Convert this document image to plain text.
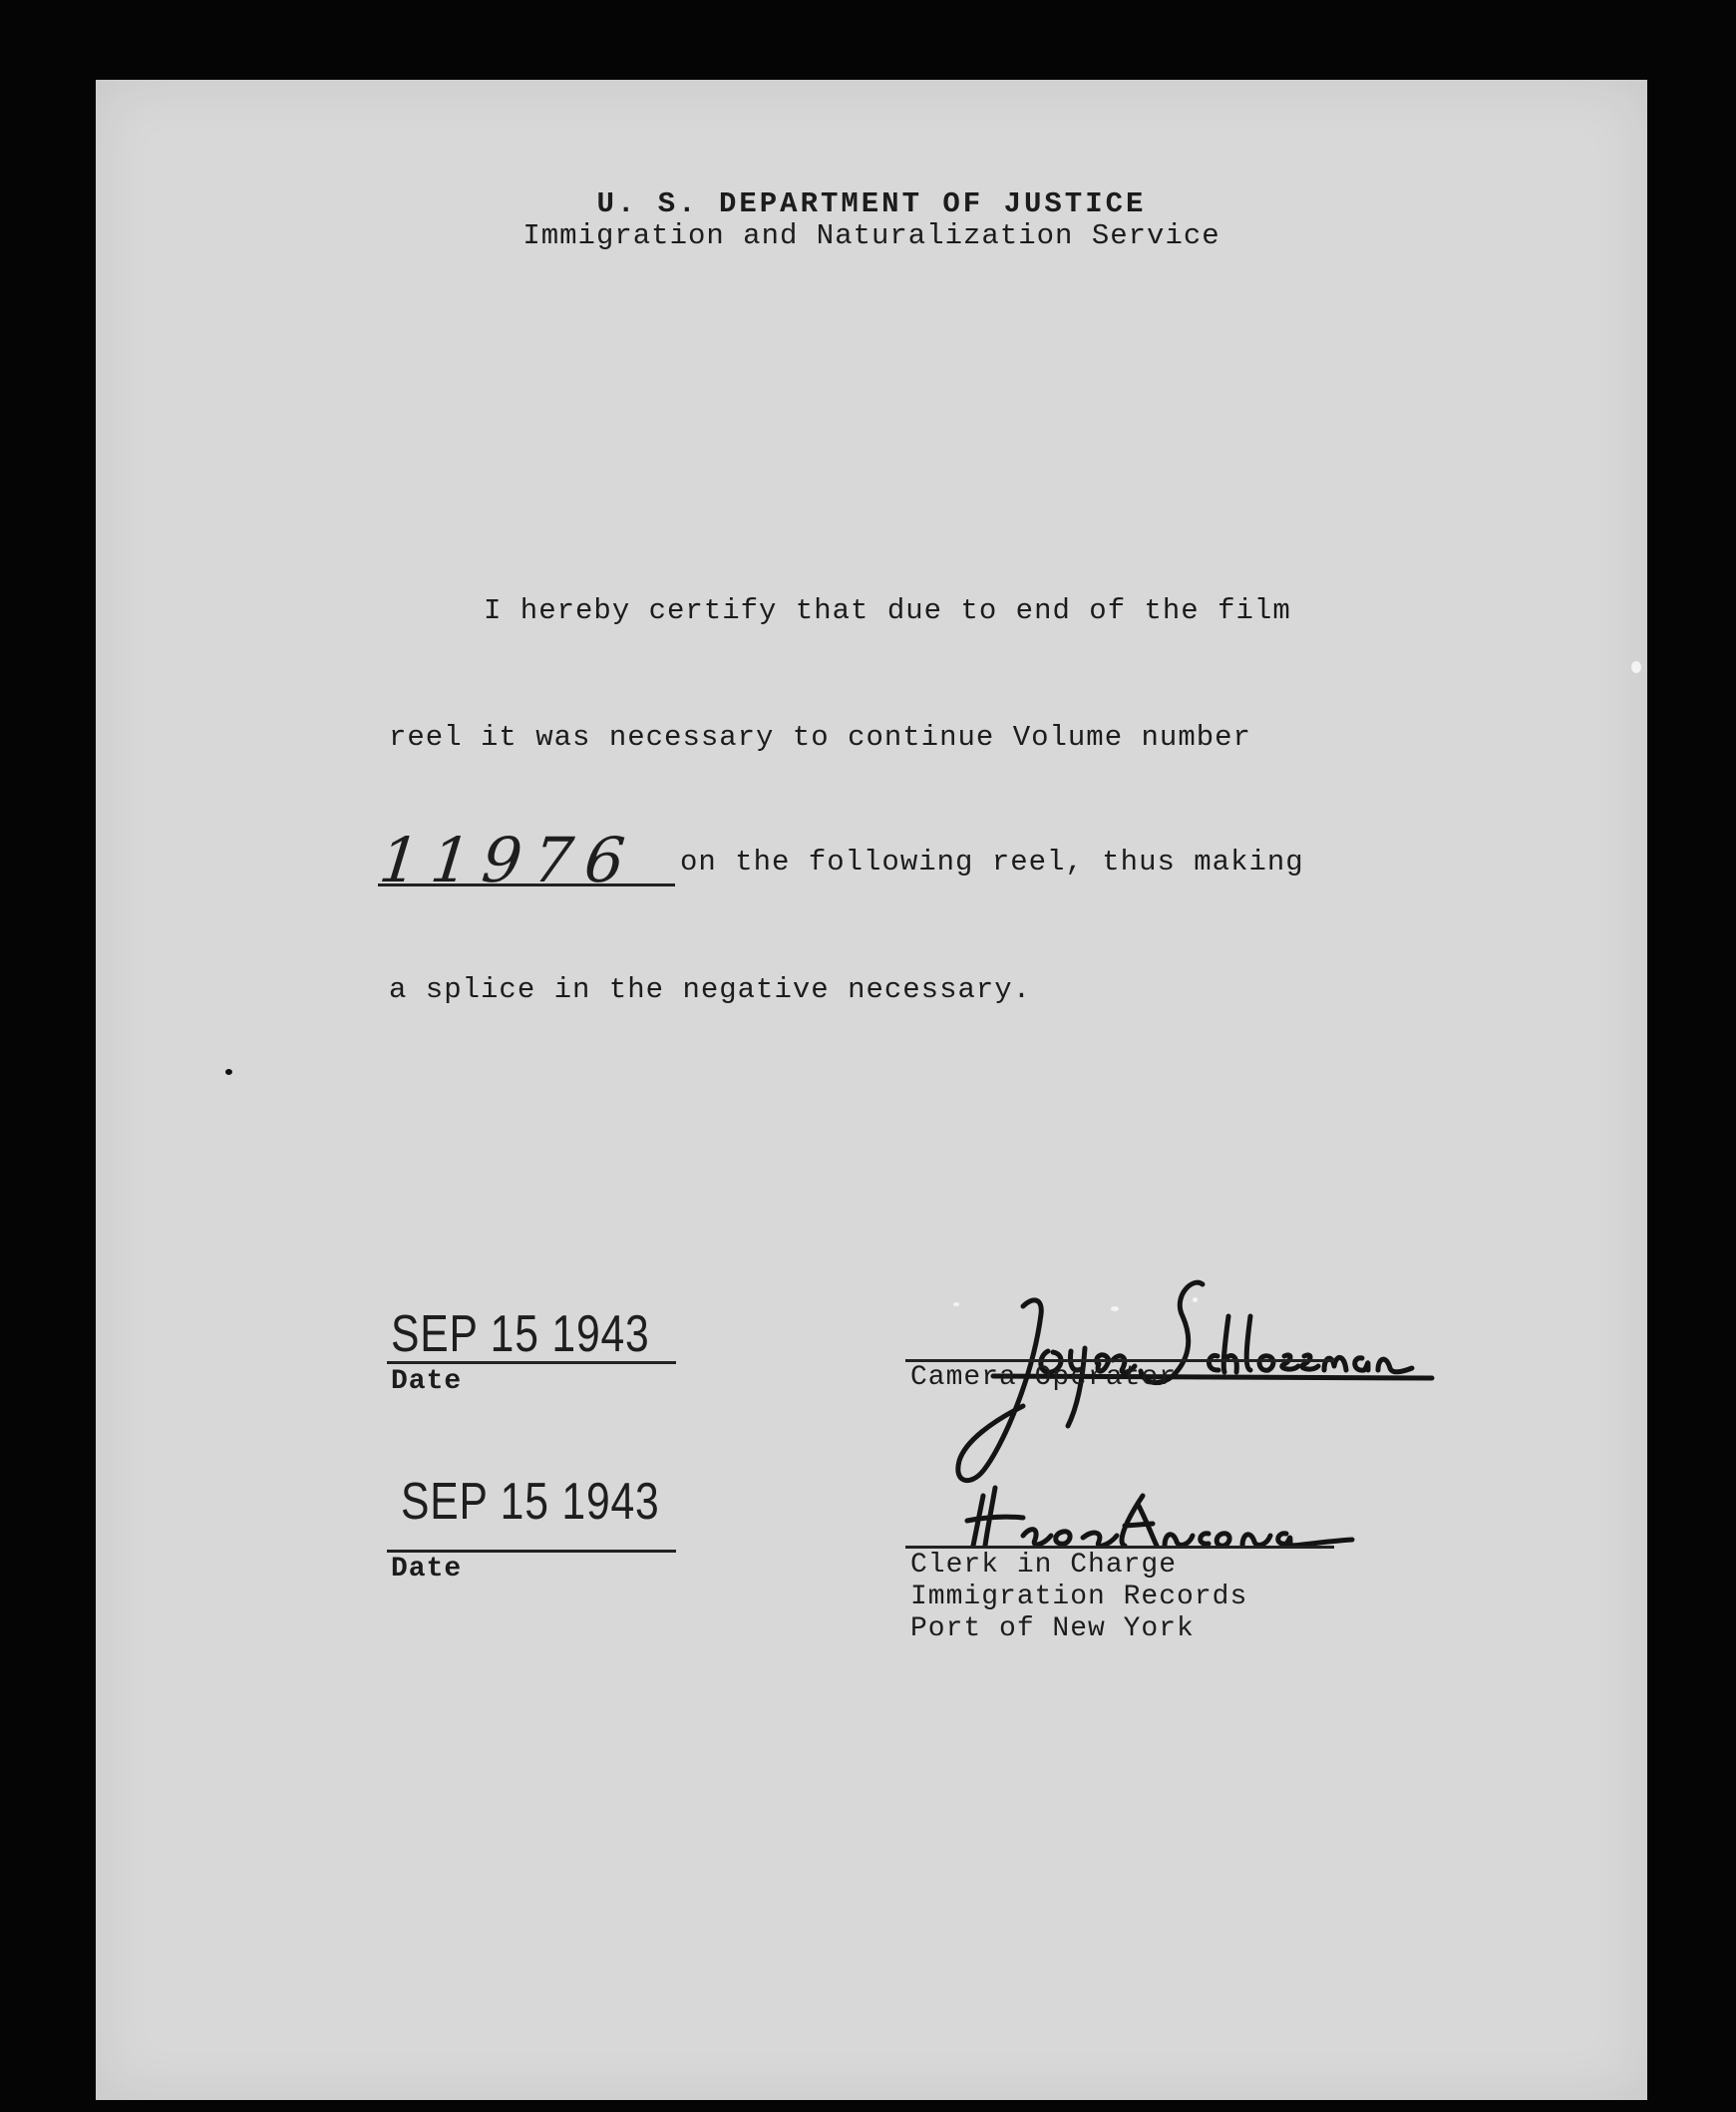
U. S. DEPARTMENT OF JUSTICE
Immigration and Naturalization Service

I hereby certify that due to end of the film

reel it was necessary to continue Volume number

11976	on the following reel, thus making

a splice in the negative necessary.

SEP 15 1943

Date	Camera Operator

SEP 15 1943

Date	Clerk in Charge
Immigration Records
Port of New York
